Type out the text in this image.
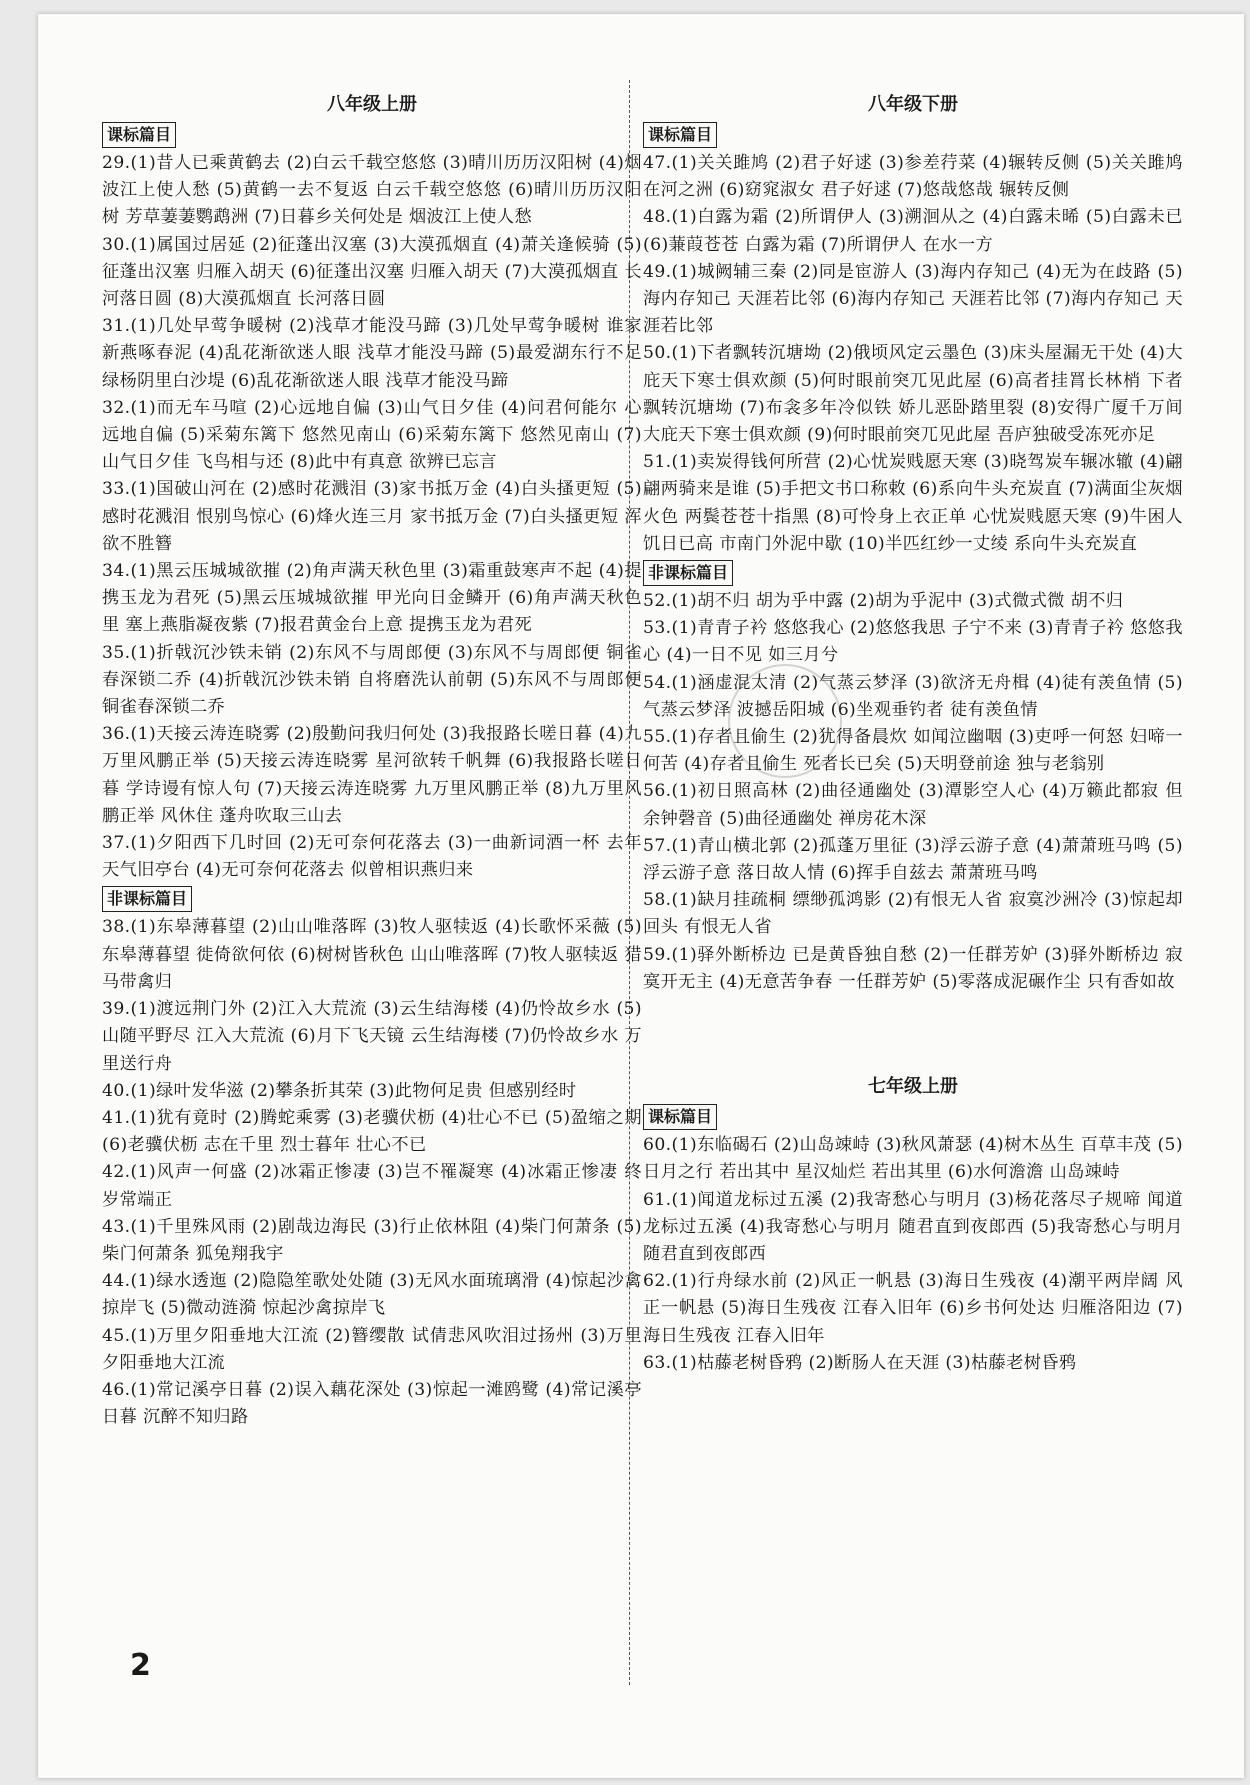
八年级上册
课标篇目
29.(1)昔人已乘黄鹤去 (2)白云千载空悠悠 (3)晴川历历汉阳树 (4)烟波江上使人愁 (5)黄鹤一去不复返 白云千载空悠悠 (6)晴川历历汉阳树 芳草萋萋鹦鹉洲 (7)日暮乡关何处是 烟波江上使人愁
30.(1)属国过居延 (2)征蓬出汉塞 (3)大漠孤烟直 (4)萧关逢候骑 (5)征蓬出汉塞 归雁入胡天 (6)征蓬出汉塞 归雁入胡天 (7)大漠孤烟直 长河落日圆 (8)大漠孤烟直 长河落日圆
31.(1)几处早莺争暖树 (2)浅草才能没马蹄 (3)几处早莺争暖树 谁家新燕啄春泥 (4)乱花渐欲迷人眼 浅草才能没马蹄 (5)最爱湖东行不足 绿杨阴里白沙堤 (6)乱花渐欲迷人眼 浅草才能没马蹄
32.(1)而无车马喧 (2)心远地自偏 (3)山气日夕佳 (4)问君何能尔 心远地自偏 (5)采菊东篱下 悠然见南山 (6)采菊东篱下 悠然见南山 (7)山气日夕佳 飞鸟相与还 (8)此中有真意 欲辨已忘言
33.(1)国破山河在 (2)感时花溅泪 (3)家书抵万金 (4)白头搔更短 (5)感时花溅泪 恨别鸟惊心 (6)烽火连三月 家书抵万金 (7)白头搔更短 浑欲不胜簪
34.(1)黑云压城城欲摧 (2)角声满天秋色里 (3)霜重鼓寒声不起 (4)提携玉龙为君死 (5)黑云压城城欲摧 甲光向日金鳞开 (6)角声满天秋色里 塞上燕脂凝夜紫 (7)报君黄金台上意 提携玉龙为君死
35.(1)折戟沉沙铁未销 (2)东风不与周郎便 (3)东风不与周郎便 铜雀春深锁二乔 (4)折戟沉沙铁未销 自将磨洗认前朝 (5)东风不与周郎便 铜雀春深锁二乔
36.(1)天接云涛连晓雾 (2)殷勤问我归何处 (3)我报路长嗟日暮 (4)九万里风鹏正举 (5)天接云涛连晓雾 星河欲转千帆舞 (6)我报路长嗟日暮 学诗谩有惊人句 (7)天接云涛连晓雾 九万里风鹏正举 (8)九万里风鹏正举 风休住 蓬舟吹取三山去
37.(1)夕阳西下几时回 (2)无可奈何花落去 (3)一曲新词酒一杯 去年天气旧亭台 (4)无可奈何花落去 似曾相识燕归来
非课标篇目
38.(1)东皋薄暮望 (2)山山唯落晖 (3)牧人驱犊返 (4)长歌怀采薇 (5)东皋薄暮望 徙倚欲何依 (6)树树皆秋色 山山唯落晖 (7)牧人驱犊返 猎马带禽归
39.(1)渡远荆门外 (2)江入大荒流 (3)云生结海楼 (4)仍怜故乡水 (5)山随平野尽 江入大荒流 (6)月下飞天镜 云生结海楼 (7)仍怜故乡水 万里送行舟
40.(1)绿叶发华滋 (2)攀条折其荣 (3)此物何足贵 但感别经时
41.(1)犹有竟时 (2)腾蛇乘雾 (3)老骥伏枥 (4)壮心不已 (5)盈缩之期 (6)老骥伏枥 志在千里 烈士暮年 壮心不已
42.(1)风声一何盛 (2)冰霜正惨凄 (3)岂不罹凝寒 (4)冰霜正惨凄 终岁常端正
43.(1)千里殊风雨 (2)剧哉边海民 (3)行止依林阻 (4)柴门何萧条 (5)柴门何萧条 狐兔翔我宇
44.(1)绿水透迤 (2)隐隐笙歌处处随 (3)无风水面琉璃滑 (4)惊起沙禽掠岸飞 (5)微动涟漪 惊起沙禽掠岸飞
45.(1)万里夕阳垂地大江流 (2)簪缨散 试倩悲风吹泪过扬州 (3)万里夕阳垂地大江流
46.(1)常记溪亭日暮 (2)误入藕花深处 (3)惊起一滩鸥鹭 (4)常记溪亭日暮 沉醉不知归路
八年级下册
课标篇目
47.(1)关关雎鸠 (2)君子好逑 (3)参差荇菜 (4)辗转反侧 (5)关关雎鸠 在河之洲 (6)窈窕淑女 君子好逑 (7)悠哉悠哉 辗转反侧
48.(1)白露为霜 (2)所谓伊人 (3)溯洄从之 (4)白露未晞 (5)白露未已 (6)蒹葭苍苍 白露为霜 (7)所谓伊人 在水一方
49.(1)城阙辅三秦 (2)同是宦游人 (3)海内存知己 (4)无为在歧路 (5)海内存知己 天涯若比邻 (6)海内存知己 天涯若比邻 (7)海内存知己 天涯若比邻
50.(1)下者飘转沉塘坳 (2)俄顷风定云墨色 (3)床头屋漏无干处 (4)大庇天下寒士俱欢颜 (5)何时眼前突兀见此屋 (6)高者挂罥长林梢 下者飘转沉塘坳 (7)布衾多年冷似铁 娇儿恶卧踏里裂 (8)安得广厦千万间 大庇天下寒士俱欢颜 (9)何时眼前突兀见此屋 吾庐独破受冻死亦足
51.(1)卖炭得钱何所营 (2)心忧炭贱愿天寒 (3)晓驾炭车辗冰辙 (4)翩翩两骑来是谁 (5)手把文书口称敕 (6)系向牛头充炭直 (7)满面尘灰烟火色 两鬓苍苍十指黑 (8)可怜身上衣正单 心忧炭贱愿天寒 (9)牛困人饥日已高 市南门外泥中歇 (10)半匹红纱一丈绫 系向牛头充炭直
非课标篇目
52.(1)胡不归 胡为乎中露 (2)胡为乎泥中 (3)式微式微 胡不归
53.(1)青青子衿 悠悠我心 (2)悠悠我思 子宁不来 (3)青青子衿 悠悠我心 (4)一日不见 如三月兮
54.(1)涵虚混太清 (2)气蒸云梦泽 (3)欲济无舟楫 (4)徒有羡鱼情 (5)气蒸云梦泽 波撼岳阳城 (6)坐观垂钓者 徒有羡鱼情
55.(1)存者且偷生 (2)犹得备晨炊 如闻泣幽咽 (3)吏呼一何怒 妇啼一何苦 (4)存者且偷生 死者长已矣 (5)天明登前途 独与老翁别
56.(1)初日照高林 (2)曲径通幽处 (3)潭影空人心 (4)万籁此都寂 但余钟磬音 (5)曲径通幽处 禅房花木深
57.(1)青山横北郭 (2)孤蓬万里征 (3)浮云游子意 (4)萧萧班马鸣 (5)浮云游子意 落日故人情 (6)挥手自兹去 萧萧班马鸣
58.(1)缺月挂疏桐 缥缈孤鸿影 (2)有恨无人省 寂寞沙洲冷 (3)惊起却回头 有恨无人省
59.(1)驿外断桥边 已是黄昏独自愁 (2)一任群芳妒 (3)驿外断桥边 寂寞开无主 (4)无意苦争春 一任群芳妒 (5)零落成泥碾作尘 只有香如故
七年级上册
课标篇目
60.(1)东临碣石 (2)山岛竦峙 (3)秋风萧瑟 (4)树木丛生 百草丰茂 (5)日月之行 若出其中 星汉灿烂 若出其里 (6)水何澹澹 山岛竦峙
61.(1)闻道龙标过五溪 (2)我寄愁心与明月 (3)杨花落尽子规啼 闻道龙标过五溪 (4)我寄愁心与明月 随君直到夜郎西 (5)我寄愁心与明月 随君直到夜郎西
62.(1)行舟绿水前 (2)风正一帆悬 (3)海日生残夜 (4)潮平两岸阔 风正一帆悬 (5)海日生残夜 江春入旧年 (6)乡书何处达 归雁洛阳边 (7)海日生残夜 江春入旧年
63.(1)枯藤老树昏鸦 (2)断肠人在天涯 (3)枯藤老树昏鸦
2
